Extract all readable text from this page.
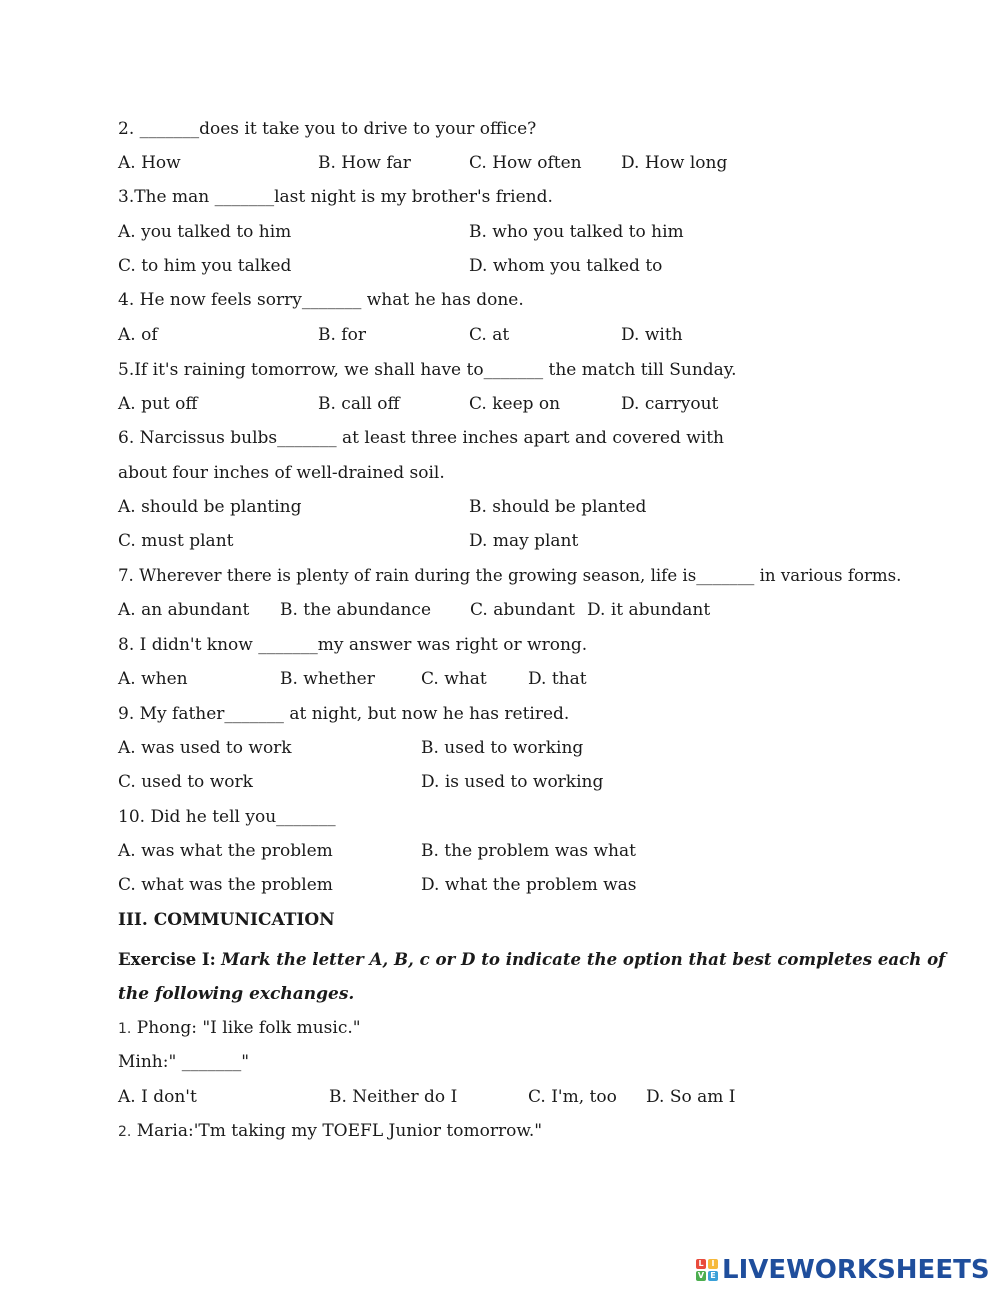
2. _______does it take you to drive to your office?
A. How	B. How far	C. How often D. How long
3.The man _______last night is my brother's friend.
A. you talked to him	B. who you talked to him
C. to him you talked	D. whom you talked to
4. He now feels sorry_______ what he has done.
A. of	B. for	C. at	D. with
5.If it's raining tomorrow, we shall have to_______ the match till Sunday.
A. put off	B. call off	C. keep on	D. carryout
6. Narcissus bulbs_______ at least three inches apart and covered with
about four inches of well-drained soil.
A. should be planting	B. should be planted
C. must plant	D. may plant
7. Wherever there is plenty of rain during the growing season, life is_______ in various forms.
A. an abundant B. the abundance C. abundant D. it abundant
8. I didn't know _______my answer was right or wrong.
A. when	B. whether	C. what D. that
9. My father_______ at night, but now he has retired.
A. was used to work	B. used to working
C. used to work	D. is used to working
10. Did he tell you_______
A. was what the problem	B. the problem was what
C. what was the problem	D. what the problem was
III. COMMUNICATION
Exercise I: Mark the letter A, B, c or D to indicate the option that best completes each of
the following exchanges.
1. Phong: "I like folk music."
Minh:" _______"
A. I don't	B. Neither do I	C. I'm, too D. So am I
2. Maria:'Tm taking my TOEFL Junior tomorrow."
L I
V E LIVEWORKSHEETS
